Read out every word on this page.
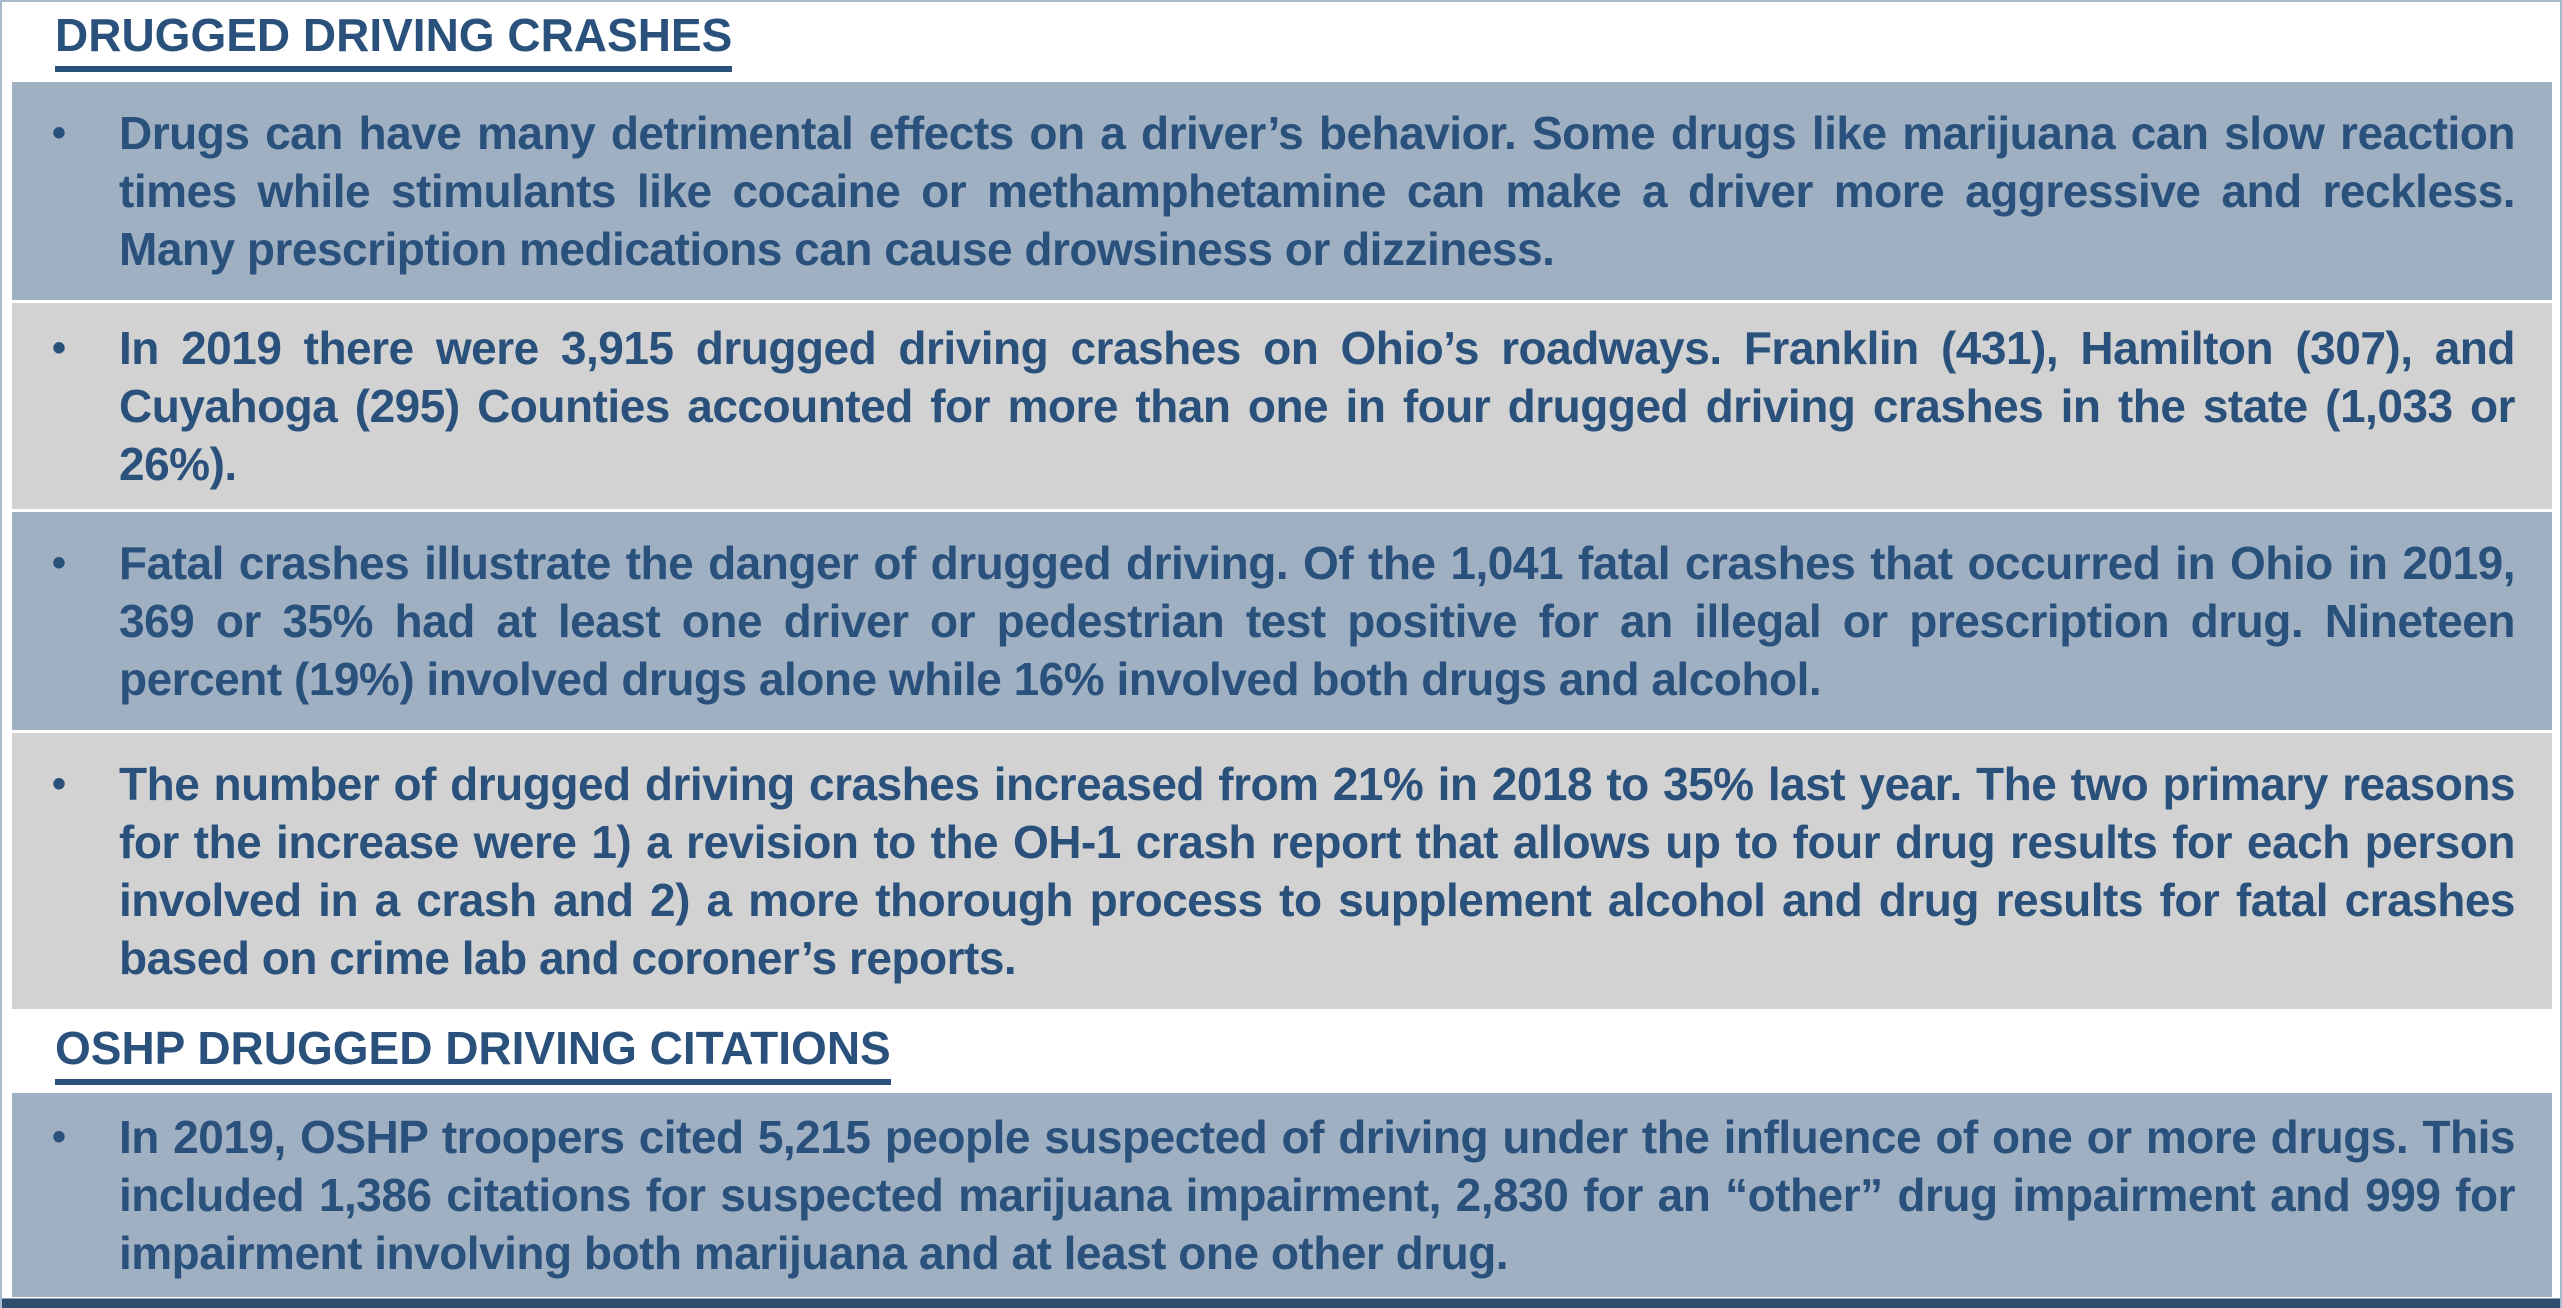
DRUGGED DRIVING CRASHES
•	Drugs can have many detrimental effects on a driver’s behavior. Some drugs like marijuana can slow reaction times while stimulants like cocaine or methamphetamine can make a driver more aggressive and reckless. Many prescription medications can cause drowsiness or dizziness.

•	In 2019 there were 3,915 drugged driving crashes on Ohio’s roadways. Franklin (431), Hamilton (307), and Cuyahoga (295) Counties accounted for more than one in four drugged driving crashes in the state (1,033 or 26%).

•	Fatal crashes illustrate the danger of drugged driving. Of the 1,041 fatal crashes that occurred in Ohio in 2019, 369 or 35% had at least one driver or pedestrian test positive for an illegal or prescription drug. Nineteen percent (19%) involved drugs alone while 16% involved both drugs and alcohol.

•	The number of drugged driving crashes increased from 21% in 2018 to 35% last year. The two primary reasons for the increase were 1) a revision to the OH-1 crash report that allows up to four drug results for each person involved in a crash and 2) a more thorough process to supplement alcohol and drug results for fatal crashes based on crime lab and coroner’s reports.

OSHP DRUGGED DRIVING CITATIONS
•	In 2019, OSHP troopers cited 5,215 people suspected of driving under the influence of one or more drugs. This included 1,386 citations for suspected marijuana impairment, 2,830 for an “other” drug impairment and 999 for impairment involving both marijuana and at least one other drug.
